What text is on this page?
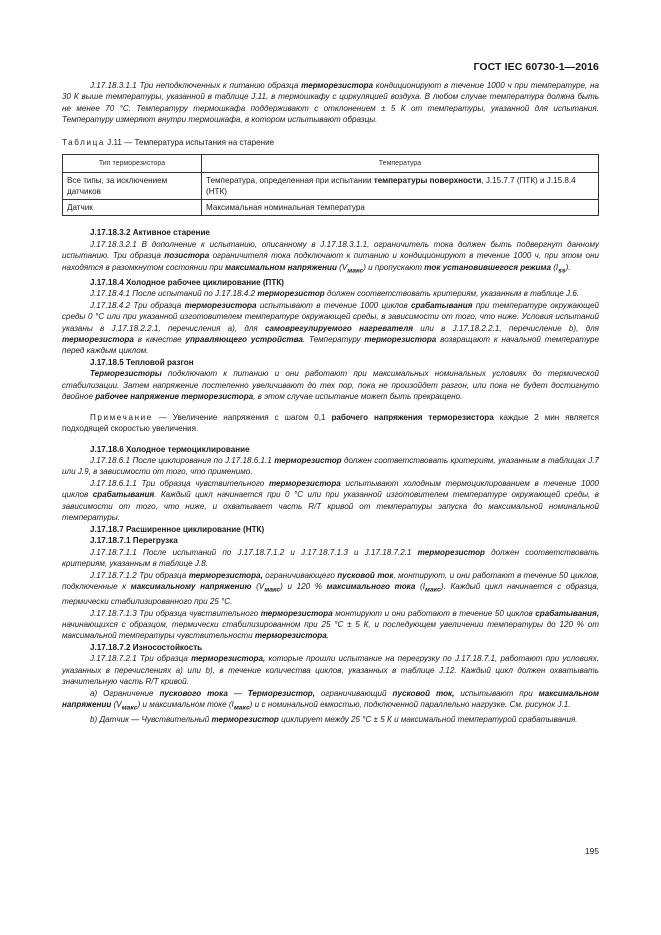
ГОСТ IEC 60730-1—2016

J.17.18.3.1.1 Три неподключенных к питанию образца терморезистора кондиционируют в течение 1000 ч при температуре, на 30 К выше температуры, указанной в таблице J.11, в термошкафу с циркуляцией воздуха. В любом случае температура должна быть не менее 70 °С. Температуру термошкафа поддерживают с отклонением ± 5 К от температуры, указанной для испытания. Температуру измеряют внутри термошкафа, в котором испытывают образцы.

Таблица J.11 — Температура испытания на старение

Тип терморезистора	Температура
Все типы, за исключением датчиков	Температура, определенная при испытании температуры поверхности, J.15.7.7 (ПТК) и J.15.8.4 (НТК)
Датчик	Максимальная номинальная температура

J.17.18.3.2 Активное старение

J.17.18.3.2.1 В дополнение к испытанию, описанному в J.17.18.3.1.1, ограничитель тока должен быть подвергнут данному испытанию. Три образца позистора ограничителя тока подключают к питанию и кондиционируют в течение 1000 ч, при этом они находятся в разомкнутом состоянии при максимальном напряжении $(V_{макс})$ и пропускают ток установившегося режима $(I_{ss})$.

J.17.18.4 Холодное рабочее циклирование (ПТК)

J.17.18.4.1 После испытаний по J.17.18.4.2 терморезистор должен соответствовать критериям, указанным в таблице J.6.

J.17.18.4.2 Три образца терморезистора испытывают в течение 1000 циклов срабатывания при температуре окружающей среды 0 °С или при указанной изготовителем температуре окружающей среды, в зависимости от того, что ниже. Условия испытаний указаны в J.17.18.2.2.1, перечисления а), для самоврегулируемого нагревателя или в J.17.18.2.2.1, перечисление b), для терморезистора в качестве управляющего устройства. Температуру терморезистора возвращают к начальной температуре перед каждым циклом.

J.17.18.5 Тепловой разгон

Терморезисторы подключают к питанию и они работают при максимальных номинальных условиях до термической стабилизации. Затем напряжение постепенно увеличивают до тех пор, пока не произойдет разгон, или пока не будет достигнуто двойное рабочее напряжение терморезистора, в этом случае испытание может быть прекращено.

Примечание — Увеличение напряжения с шагом 0,1 рабочего напряжения терморезистора каждые 2 мин является подходящей скоростью увеличения.

J.17.18.6 Холодное термоциклирование

J.17.18.6.1 После циклирования по J.17.18.6.1.1 терморезистор должен соответствовать критериям, указанным в таблицах J.7 или J.9, в зависимости от того, что применимо.

J.17.18.6.1.1 Три образца чувствительного терморезистора испытывают холодным термоциклированием в течение 1000 циклов срабатывания. Каждый цикл начинается при 0 °С или при указанной изготовителем температуре окружающей среды, в зависимости от того, что ниже, и охватывает часть R/T кривой от температуры запуска до максимальной номинальной температуры.

J.17.18.7 Расширенное циклирование (НТК)

J.17.18.7.1 Перегрузка

J.17.18.7.1.1 После испытаний по J.17.18.7.1.2 и J.17.18.7.1.3 и J.17.18.7.2.1 терморезистор должен соответствовать критериям, указанным в таблице J.8.

J.17.18.7.1.2 Три образца терморезистора, ограничивающего пусковой ток, монтируют, и они работают в течение 50 циклов, подключенные к максимальному напряжению $(V_{макс})$ и 120 % максимального тока $(I_{макс})$. Каждый цикл начинается с образца, термически стабилизированного при 25 °С.

J.17.18.7.1.3 Три образца чувствительного терморезистора монтируют и они работают в течение 50 циклов срабатывания, начинающихся с образцом, термически стабилизированном при 25 °С ± 5 К, и последующем увеличении температуры до 120 % от максимальной температуры чувствительности терморезистора.

J.17.18.7.2 Износостойкость

J.17.18.7.2.1 Три образца терморезистора, которые прошли испытание на перегрузку по J.17.18.7.1, работают при условиях, указанных в перечислениях а) или b), в течение количества циклов, указанных в таблице J.12. Каждый цикл должен охватывать значительную часть R/T кривой.

а) Ограничение пускового тока — Терморезистор, ограничивающий пусковой ток, испытывают при максимальном напряжении $(V_{макс})$ и максимальном токе $(I_{макс})$ и с номинальной емкостью, подключенной параллельно нагрузке. См. рисунок J.1.

b) Датчик — Чувствительный терморезистор циклирует между 25 °С ± 5 К и максимальной температурой срабатывания.

195
